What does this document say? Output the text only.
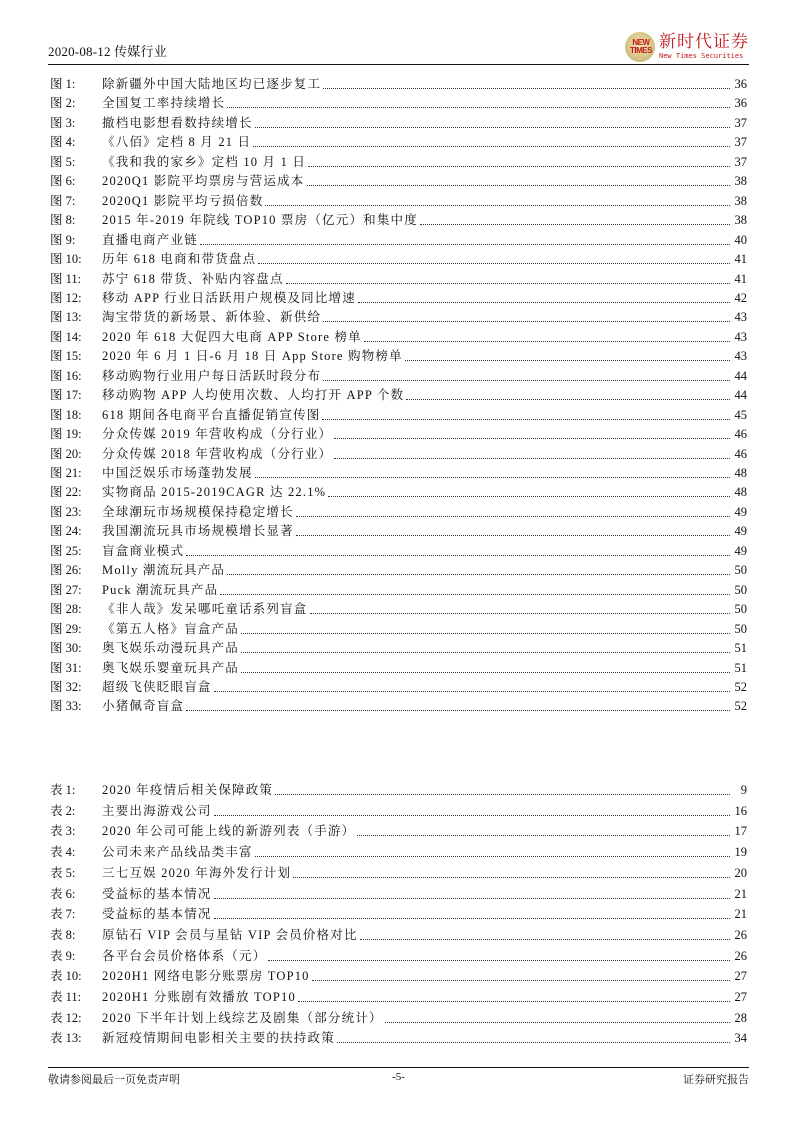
2020-08-12 传媒行业
NEW
TIMES 新时代证券
New Times Securities
图 1:	除新疆外中国大陆地区均已逐步复工	36
图 2:	全国复工率持续增长	36
图 3:	撤档电影想看数持续增长	37
图 4:	《八佰》定档 8 月 21 日	37
图 5:	《我和我的家乡》定档 10 月 1 日	37
图 6:	2020Q1 影院平均票房与营运成本	38
图 7:	2020Q1 影院平均亏损倍数	38
图 8:	2015 年-2019 年院线 TOP10 票房（亿元）和集中度	38
图 9:	直播电商产业链	40
图 10:	历年 618 电商和带货盘点	41
图 11:	苏宁 618 带货、补贴内容盘点	41
图 12:	移动 APP 行业日活跃用户规模及同比增速	42
图 13:	淘宝带货的新场景、新体验、新供给	43
图 14:	2020 年 618 大促四大电商 APP Store 榜单	43
图 15:	2020 年 6 月 1 日-6 月 18 日 App Store 购物榜单	43
图 16:	移动购物行业用户每日活跃时段分布	44
图 17:	移动购物 APP 人均使用次数、人均打开 APP 个数	44
图 18:	618 期间各电商平台直播促销宣传图	45
图 19:	分众传媒 2019 年营收构成（分行业）	46
图 20:	分众传媒 2018 年营收构成（分行业）	46
图 21:	中国泛娱乐市场蓬勃发展	48
图 22:	实物商品 2015-2019CAGR 达 22.1%	48
图 23:	全球潮玩市场规模保持稳定增长	49
图 24:	我国潮流玩具市场规模增长显著	49
图 25:	盲盒商业模式	49
图 26:	Molly 潮流玩具产品	50
图 27:	Puck 潮流玩具产品	50
图 28:	《非人哉》发呆哪吒童话系列盲盒	50
图 29:	《第五人格》盲盒产品	50
图 30:	奥飞娱乐动漫玩具产品	51
图 31:	奥飞娱乐婴童玩具产品	51
图 32:	超级飞侠眨眼盲盒	52
图 33:	小猪佩奇盲盒	52
表 1:	2020 年疫情后相关保障政策	9
表 2:	主要出海游戏公司	16
表 3:	2020 年公司可能上线的新游列表（手游）	17
表 4:	公司未来产品线品类丰富	19
表 5:	三七互娱 2020 年海外发行计划	20
表 6:	受益标的基本情况	21
表 7:	受益标的基本情况	21
表 8:	原钻石 VIP 会员与星钻 VIP 会员价格对比	26
表 9:	各平台会员价格体系（元）	26
表 10:	2020H1 网络电影分账票房 TOP10	27
表 11:	2020H1 分账剧有效播放 TOP10	27
表 12:	2020 下半年计划上线综艺及剧集（部分统计）	28
表 13:	新冠疫情期间电影相关主要的扶持政策	34
敬请参阅最后一页免责声明	-5-	证券研究报告
